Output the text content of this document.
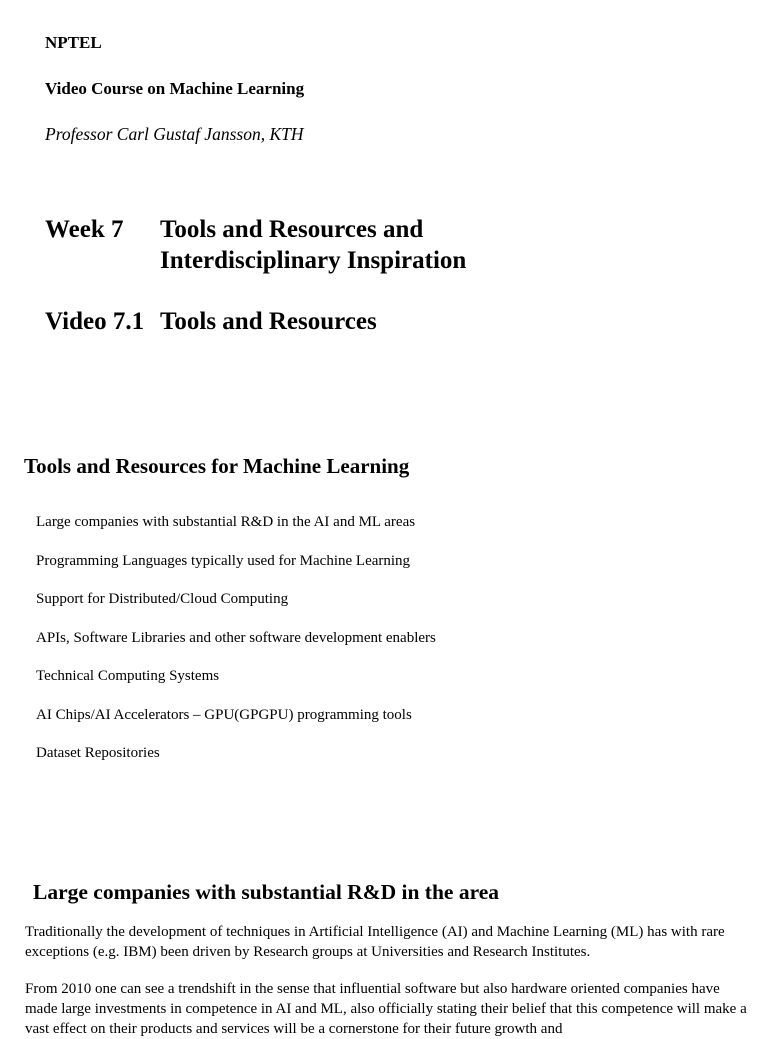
NPTEL

Video Course on Machine Learning

Professor Carl Gustaf Jansson, KTH

Week 7 Tools and Resources and

Interdisciplinary Inspiration

Video 7.1 Tools and Resources

Tools and Resources for Machine Learning
Large companies with substantial R&D in the AI and ML areas
Programming Languages typically used for Machine Learning
Support for Distributed/Cloud Computing
APIs, Software Libraries and other software development enablers
Technical Computing Systems
AI Chips/AI Accelerators – GPU(GPGPU) programming tools
Dataset Repositories
Large companies with substantial R&D in the area

Traditionally the development of techniques in Artificial Intelligence (AI) and Machine Learning (ML) has with rare exceptions (e.g. IBM) been driven by Research groups at Universities and Research Institutes.

From 2010 one can see a trendshift in the sense that influential software but also hardware oriented companies have made large investments in competence in AI and ML, also officially stating their belief that this competence will make a vast effect on their products and services will be a cornerstone for their future growth and
